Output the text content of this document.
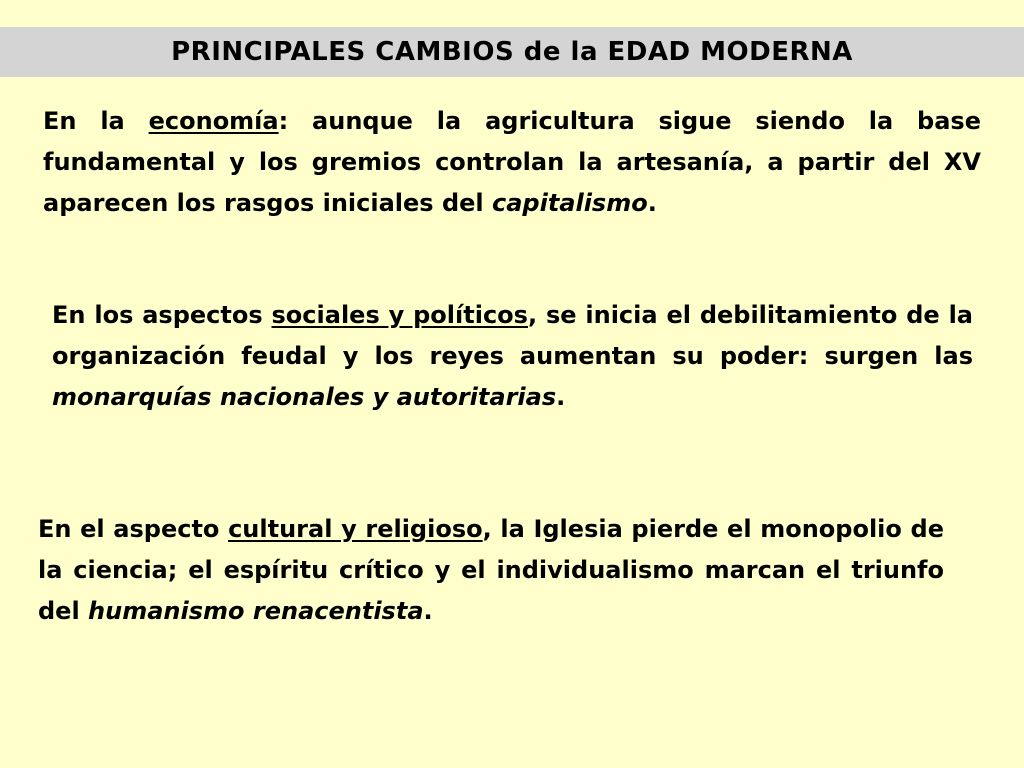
PRINCIPALES CAMBIOS de la EDAD MODERNA

En la economía: aunque la agricultura sigue siendo la base fundamental y los gremios controlan la artesanía, a partir del XV aparecen los rasgos iniciales del capitalismo.

En los aspectos sociales y políticos, se inicia el debilitamiento de la organización feudal y los reyes aumentan su poder: surgen las monarquías nacionales y autoritarias.

En el aspecto cultural y religioso, la Iglesia pierde el monopolio de la ciencia; el espíritu crítico y el individualismo marcan el triunfo del humanismo renacentista.
